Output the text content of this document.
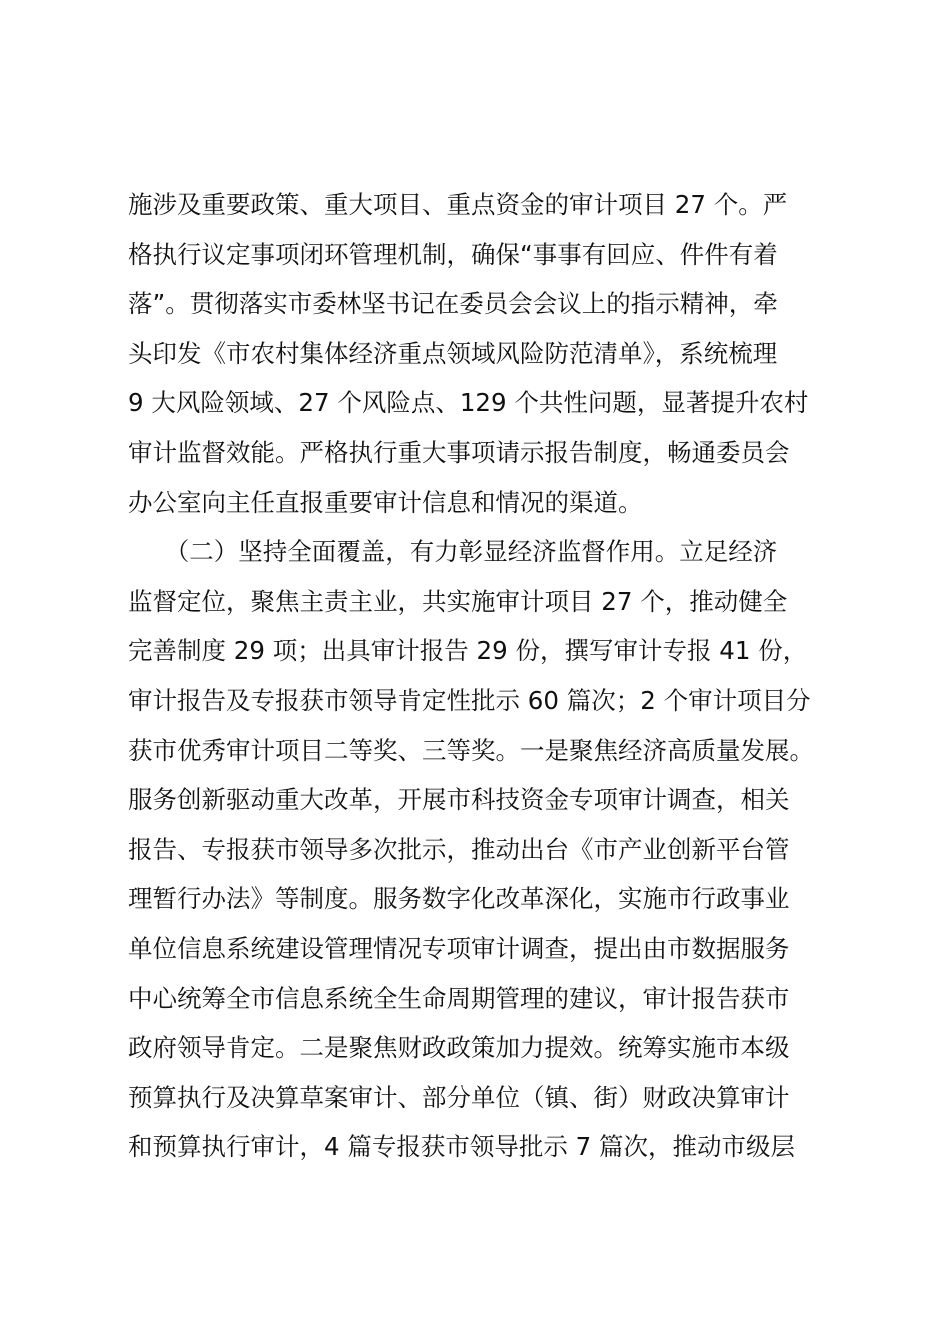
施涉及重要政策、重大项目、重点资金的审计项目 27 个。严
格执行议定事项闭环管理机制，确保“事事有回应、件件有着
落”。贯彻落实市委林坚书记在委员会会议上的指示精神，牵
头印发《市农村集体经济重点领域风险防范清单》，系统梳理
9 大风险领域、27 个风险点、129 个共性问题，显著提升农村
审计监督效能。严格执行重大事项请示报告制度，畅通委员会
办公室向主任直报重要审计信息和情况的渠道。
　　（二）坚持全面覆盖，有力彰显经济监督作用。立足经济
监督定位，聚焦主责主业，共实施审计项目 27 个，推动健全
完善制度 29 项；出具审计报告 29 份，撰写审计专报 41 份，
审计报告及专报获市领导肯定性批示 60 篇次；2 个审计项目分
获市优秀审计项目二等奖、三等奖。一是聚焦经济高质量发展。
服务创新驱动重大改革，开展市科技资金专项审计调查，相关
报告、专报获市领导多次批示，推动出台《市产业创新平台管
理暂行办法》等制度。服务数字化改革深化，实施市行政事业
单位信息系统建设管理情况专项审计调查，提出由市数据服务
中心统筹全市信息系统全生命周期管理的建议，审计报告获市
政府领导肯定。二是聚焦财政政策加力提效。统筹实施市本级
预算执行及决算草案审计、部分单位（镇、街）财政决算审计
和预算执行审计，4 篇专报获市领导批示 7 篇次，推动市级层
